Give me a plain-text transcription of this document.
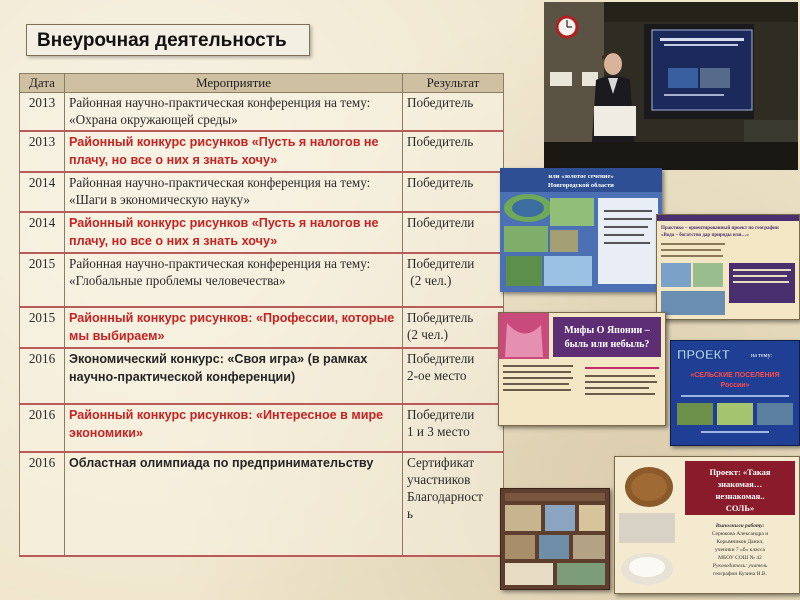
Внеурочная деятельность
Дата	Мероприятие	Результат
2013	Районная научно-практическая конференция на тему: «Охрана окружающей среды»	Победитель

2013	Районный конкурс рисунков «Пусть я налогов не плачу, но все о них я знать хочу»	Победитель

2014	Районная научно-практическая конференция на тему: «Шаги в экономическую науку»	Победитель

2014	Районный конкурс рисунков «Пусть я налогов не плачу, но все о них я знать хочу»	Победители

2015	Районная научно-практическая конференция на тему: «Глобальные проблемы человечества»	Победители
(2 чел.)

2015	Районный конкурс рисунков: «Профессии, которые мы выбираем»	Победитель
(2 чел.)

2016	Экономический конкурс: «Своя игра» (в рамках научно-практической конференции)	Победители
2-ое место

2016	Районный конкурс рисунков: «Интересное в мире экономики»	Победители
1 и 3 место

2016	Областная олимпиада по предпринимательству	Сертификат
участников
Благодарност
ь
или «золотое сечение»
Новгородской области
Практико – ориентированный проект по географии
«Вода – богатство дар природы или…»
Мифы О Японии –
быль или небыль?
ПРОЕКТ	на тему:
«СЕЛЬСКИЕ ПОСЕЛЕНИЯ
России»
Проект: «Такая
знакомая…
незнакомая..
СОЛЬ»
Выполнили работу:
Серюкова Александра и
Корымников Данил,
ученики 7 «б» класса
МБОУ СОШ № 42
Руководитель: учитель
географии Кузина Н.В.
